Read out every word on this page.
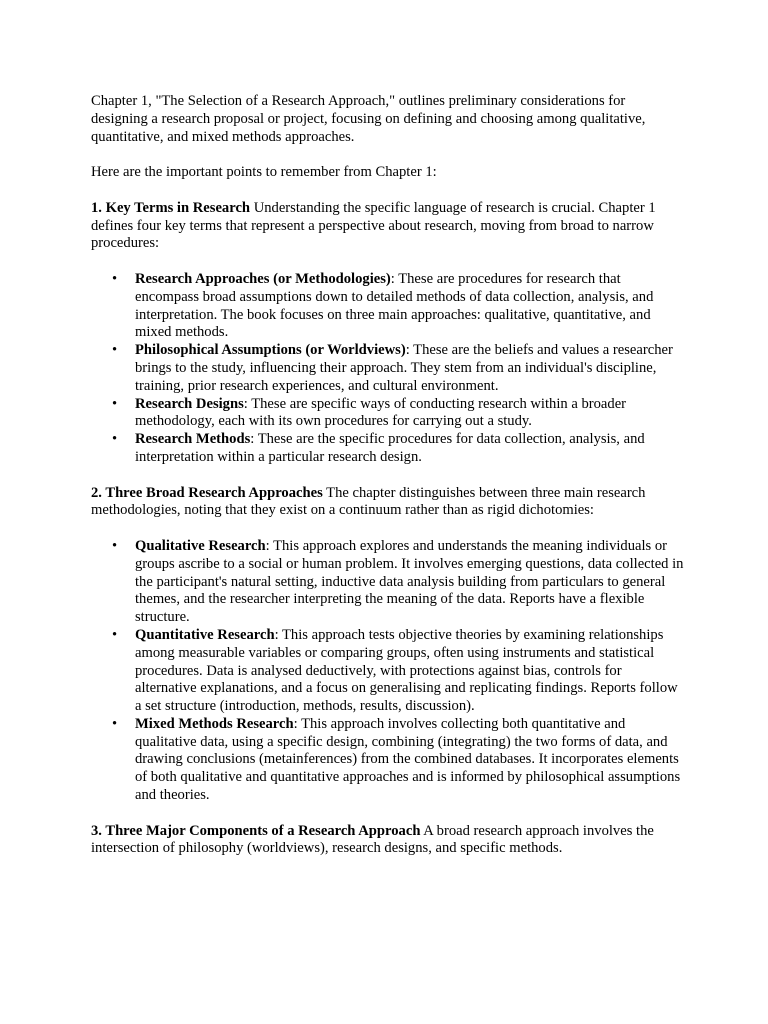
Chapter 1, "The Selection of a Research Approach," outlines preliminary considerations for designing a research proposal or project, focusing on defining and choosing among qualitative, quantitative, and mixed methods approaches.

Here are the important points to remember from Chapter 1:

1. Key Terms in Research Understanding the specific language of research is crucial. Chapter 1 defines four key terms that represent a perspective about research, moving from broad to narrow procedures:

• Research Approaches (or Methodologies): These are procedures for research that encompass broad assumptions down to detailed methods of data collection, analysis, and interpretation. The book focuses on three main approaches: qualitative, quantitative, and mixed methods.
• Philosophical Assumptions (or Worldviews): These are the beliefs and values a researcher brings to the study, influencing their approach. They stem from an individual's discipline, training, prior research experiences, and cultural environment.
• Research Designs: These are specific ways of conducting research within a broader methodology, each with its own procedures for carrying out a study.
• Research Methods: These are the specific procedures for data collection, analysis, and interpretation within a particular research design.

2. Three Broad Research Approaches The chapter distinguishes between three main research methodologies, noting that they exist on a continuum rather than as rigid dichotomies:

• Qualitative Research: This approach explores and understands the meaning individuals or groups ascribe to a social or human problem. It involves emerging questions, data collected in the participant's natural setting, inductive data analysis building from particulars to general themes, and the researcher interpreting the meaning of the data. Reports have a flexible structure.
• Quantitative Research: This approach tests objective theories by examining relationships among measurable variables or comparing groups, often using instruments and statistical procedures. Data is analysed deductively, with protections against bias, controls for alternative explanations, and a focus on generalising and replicating findings. Reports follow a set structure (introduction, methods, results, discussion).
• Mixed Methods Research: This approach involves collecting both quantitative and qualitative data, using a specific design, combining (integrating) the two forms of data, and drawing conclusions (metainferences) from the combined databases. It incorporates elements of both qualitative and quantitative approaches and is informed by philosophical assumptions and theories.

3. Three Major Components of a Research Approach A broad research approach involves the intersection of philosophy (worldviews), research designs, and specific methods.
